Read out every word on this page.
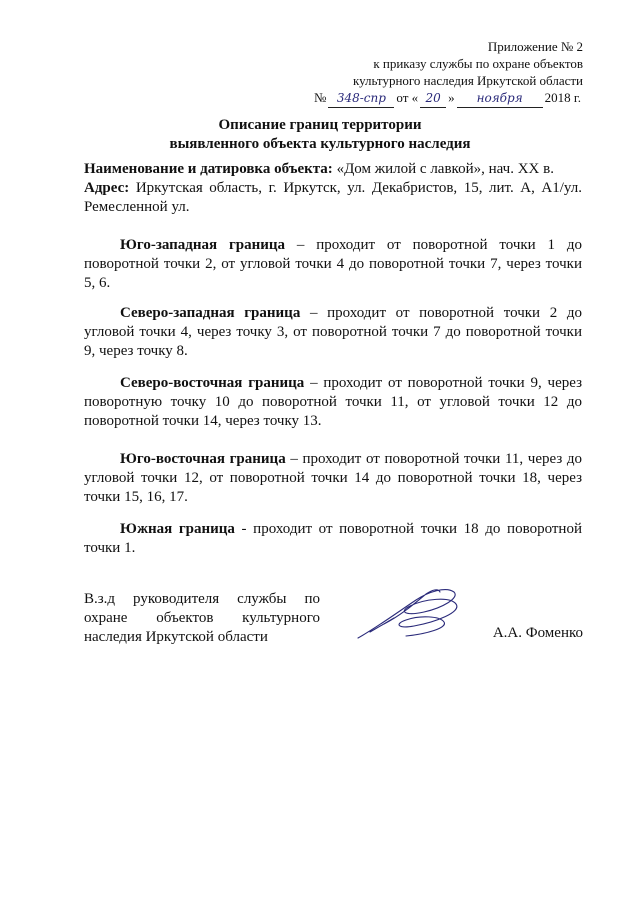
Приложение № 2
к приказу службы по охране объектов
культурного наследия Иркутской области
№ 348-спр от « 20 »	ноября	2018 г.
Описание границ территории
выявленного объекта культурного наследия

Наименование и датировка объекта: «Дом жилой с лавкой», нач. XX в.

Адрес: Иркутская область, г. Иркутск, ул. Декабристов, 15, лит. А, А1/ул. Ремесленной ул.

Юго-западная граница – проходит от поворотной точки 1 до поворотной точки 2, от угловой точки 4 до поворотной точки 7, через точки 5, 6.

Северо-западная граница – проходит от поворотной точки 2 до угловой точки 4, через точку 3, от поворотной точки 7 до поворотной точки 9, через точку 8.

Северо-восточная граница – проходит от поворотной точки 9, через поворотную точку 10 до поворотной точки 11, от угловой точки 12 до поворотной точки 14, через точку 13.

Юго-восточная граница – проходит от поворотной точки 11, через до угловой точки 12, от поворотной точки 14 до поворотной точки 18, через точки 15, 16, 17.

Южная граница - проходит от поворотной точки 18 до поворотной точки 1.

В.з.д руководителя службы по
охране объектов культурного
наследия Иркутской области	А.А. Фоменко
